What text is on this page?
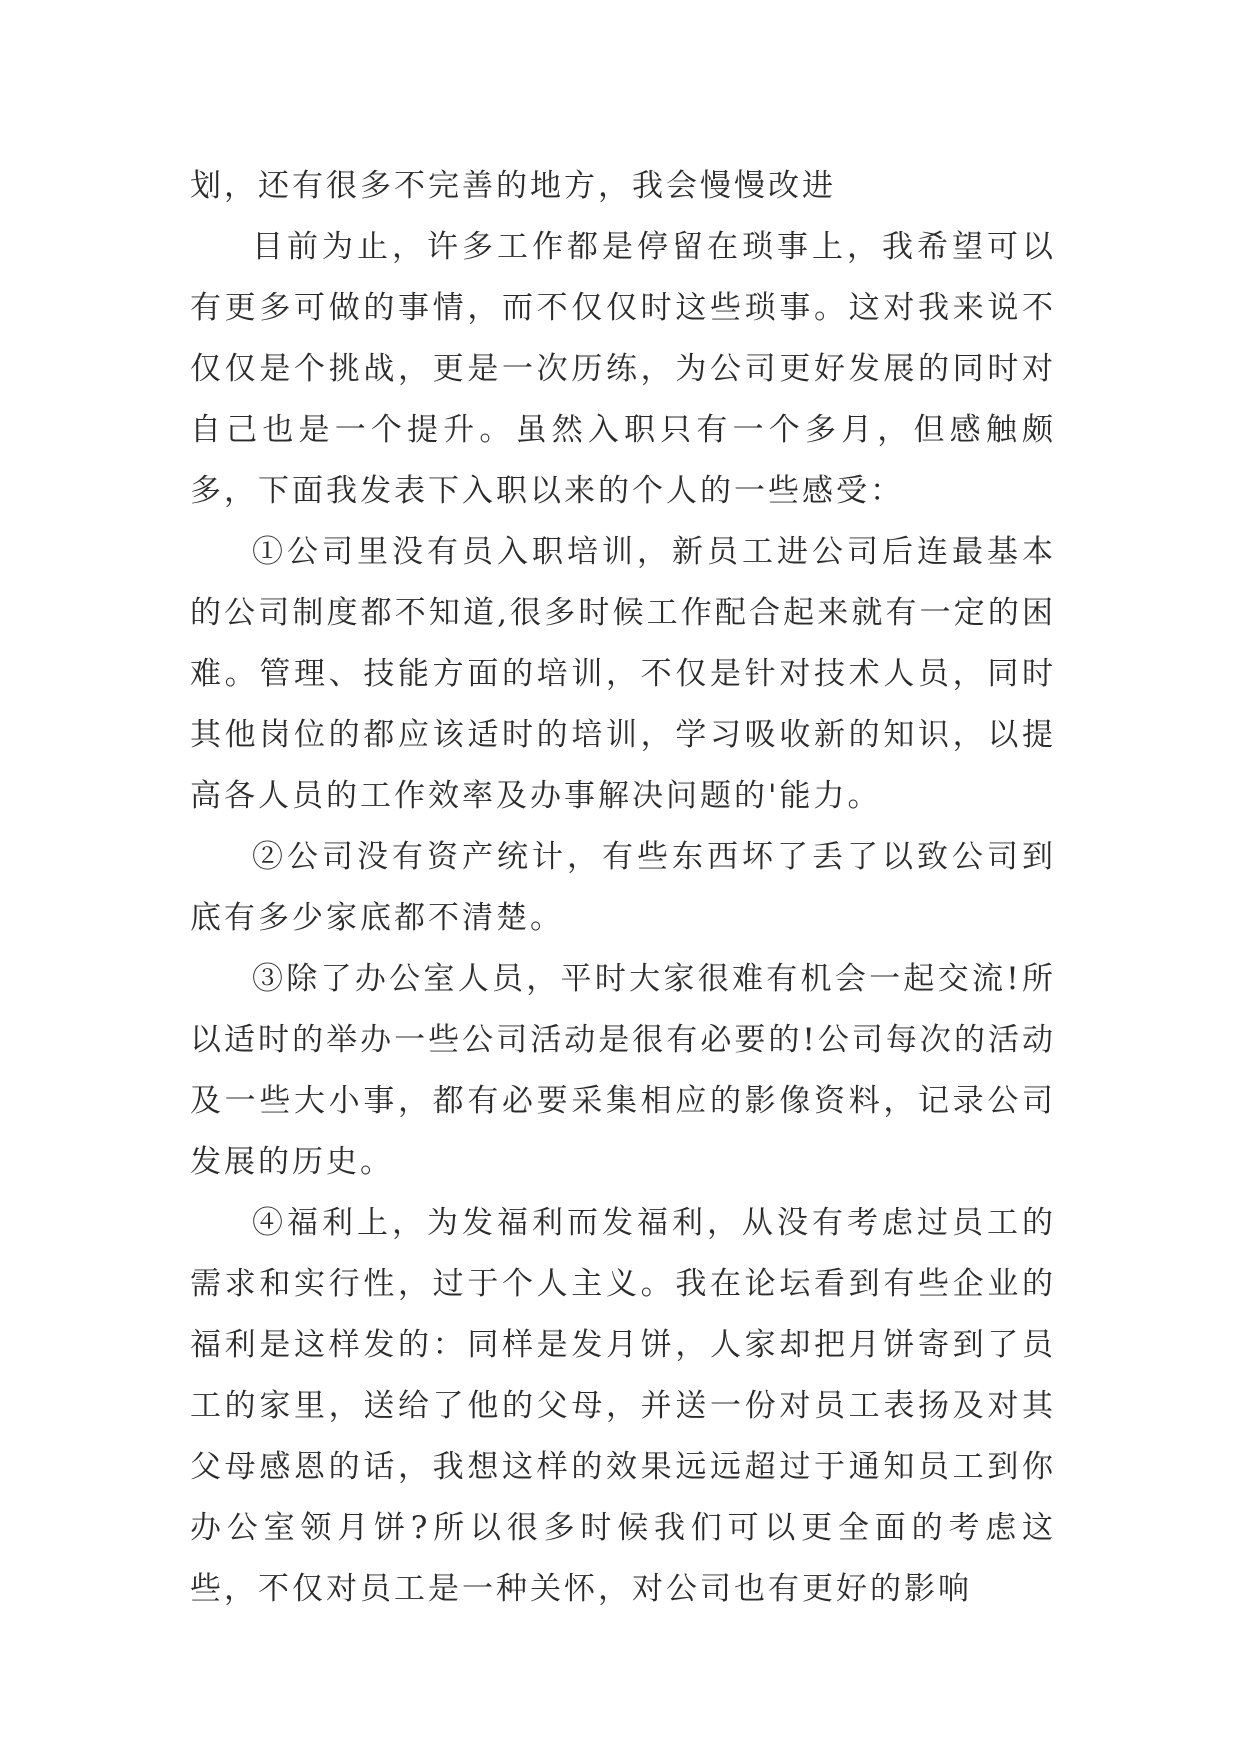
划，还有很多不完善的地方，我会慢慢改进

目前为止，许多工作都是停留在琐事上，我希望可以有更多可做的事情，而不仅仅时这些琐事。这对我来说不仅仅是个挑战，更是一次历练，为公司更好发展的同时对自己也是一个提升。虽然入职只有一个多月，但感触颇多，下面我发表下入职以来的个人的一些感受：

①公司里没有员入职培训，新员工进公司后连最基本的公司制度都不知道,很多时候工作配合起来就有一定的困难。管理、技能方面的培训，不仅是针对技术人员，同时其他岗位的都应该适时的培训，学习吸收新的知识，以提高各人员的工作效率及办事解决问题的'能力。

②公司没有资产统计，有些东西坏了丢了以致公司到底有多少家底都不清楚。

③除了办公室人员，平时大家很难有机会一起交流!所以适时的举办一些公司活动是很有必要的!公司每次的活动及一些大小事，都有必要采集相应的影像资料，记录公司发展的历史。

④福利上，为发福利而发福利，从没有考虑过员工的需求和实行性，过于个人主义。我在论坛看到有些企业的福利是这样发的：同样是发月饼，人家却把月饼寄到了员工的家里，送给了他的父母，并送一份对员工表扬及对其父母感恩的话，我想这样的效果远远超过于通知员工到你办公室领月饼?所以很多时候我们可以更全面的考虑这些，不仅对员工是一种关怀，对公司也有更好的影响
